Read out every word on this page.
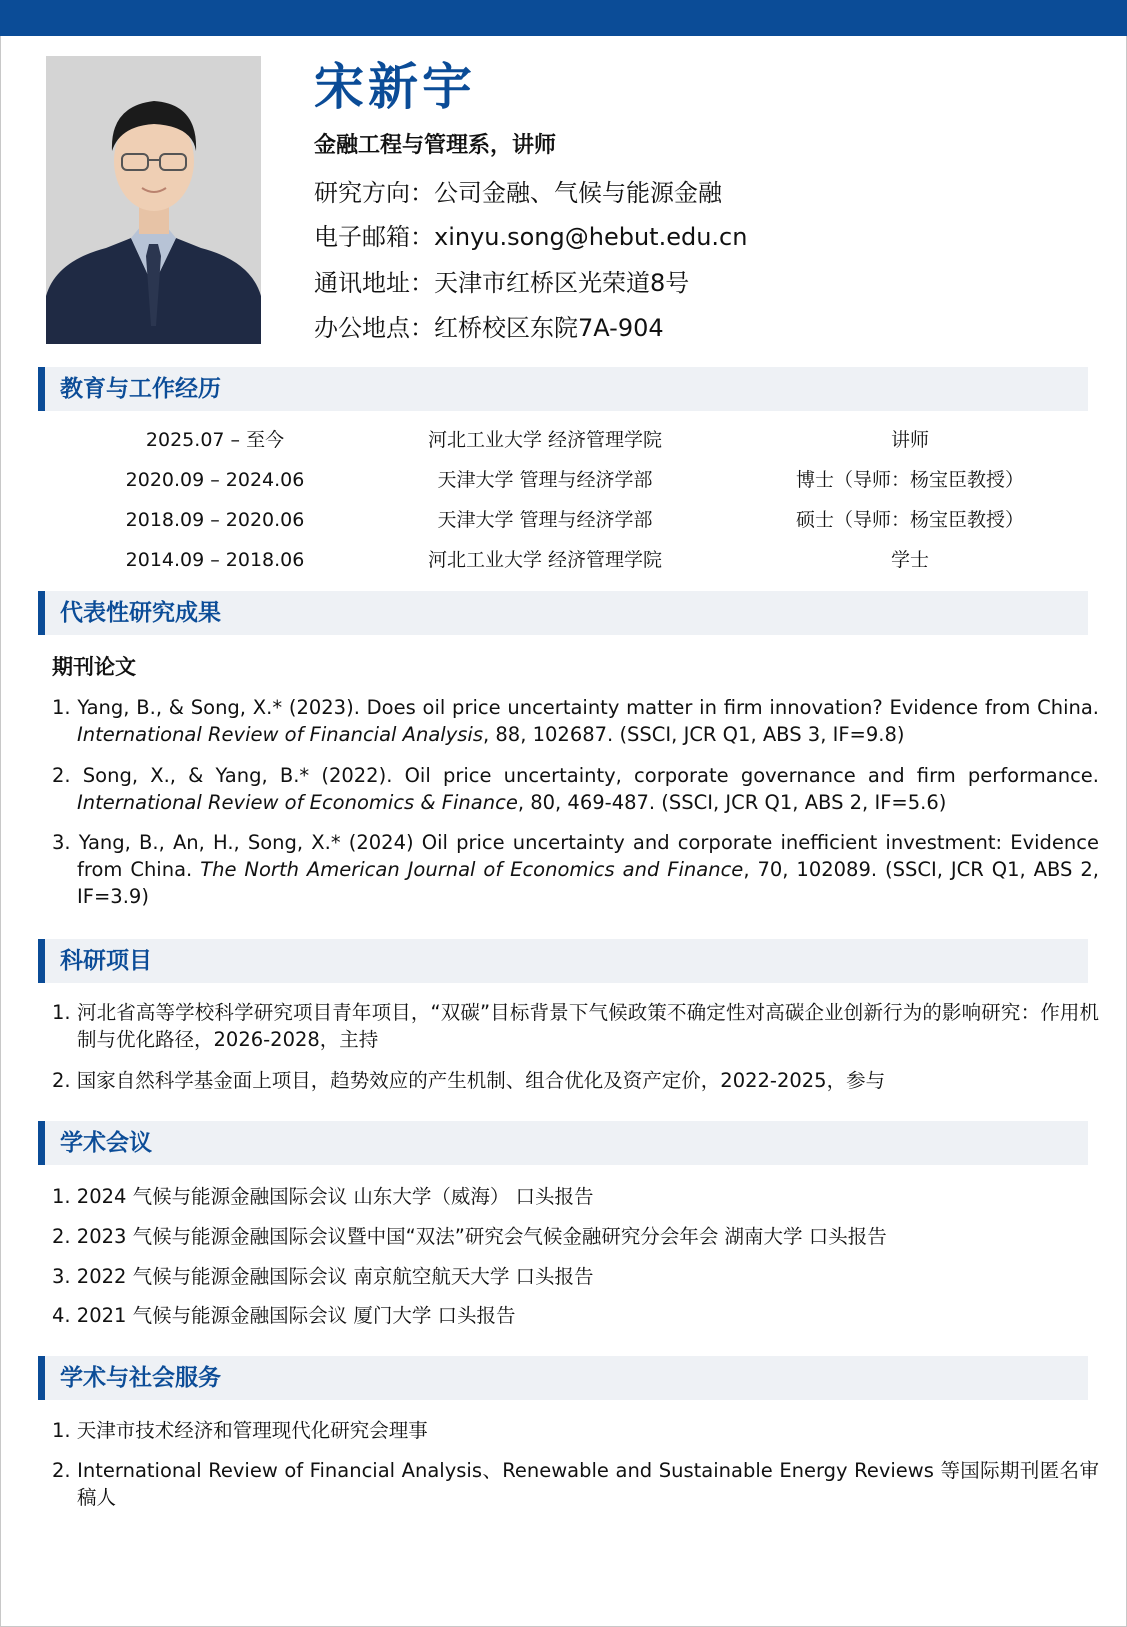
宋新宇
金融工程与管理系，讲师
研究方向：公司金融、气候与能源金融
电子邮箱：xinyu.song@hebut.edu.cn
通讯地址：天津市红桥区光荣道8号
办公地点：红桥校区东院7A-904
教育与工作经历
2025.07 – 至今	河北工业大学 经济管理学院	讲师
2020.09 – 2024.06	天津大学 管理与经济学部	博士（导师：杨宝臣教授）
2018.09 – 2020.06	天津大学 管理与经济学部	硕士（导师：杨宝臣教授）
2014.09 – 2018.06	河北工业大学 经济管理学院	学士
代表性研究成果
期刊论文
1. Yang, B., & Song, X.* (2023). Does oil price uncertainty matter in firm innovation? Evidence from China. International Review of Financial Analysis, 88, 102687. (SSCI, JCR Q1, ABS 3, IF=9.8)
2. Song, X., & Yang, B.* (2022). Oil price uncertainty, corporate governance and firm performance. International Review of Economics & Finance, 80, 469-487. (SSCI, JCR Q1, ABS 2, IF=5.6)
3. Yang, B., An, H., Song, X.* (2024) Oil price uncertainty and corporate inefficient investment: Evidence from China. The North American Journal of Economics and Finance, 70, 102089. (SSCI, JCR Q1, ABS 2, IF=3.9)
科研项目
1. 河北省高等学校科学研究项目青年项目，“双碳”目标背景下气候政策不确定性对高碳企业创新行为的影响研究：作用机制与优化路径，2026-2028，主持
2. 国家自然科学基金面上项目，趋势效应的产生机制、组合优化及资产定价，2022-2025，参与
学术会议
1. 2024 气候与能源金融国际会议 山东大学（威海） 口头报告
2. 2023 气候与能源金融国际会议暨中国“双法”研究会气候金融研究分会年会 湖南大学 口头报告
3. 2022 气候与能源金融国际会议 南京航空航天大学 口头报告
4. 2021 气候与能源金融国际会议 厦门大学 口头报告
学术与社会服务
1. 天津市技术经济和管理现代化研究会理事
2. International Review of Financial Analysis、Renewable and Sustainable Energy Reviews 等国际期刊匿名审稿人
